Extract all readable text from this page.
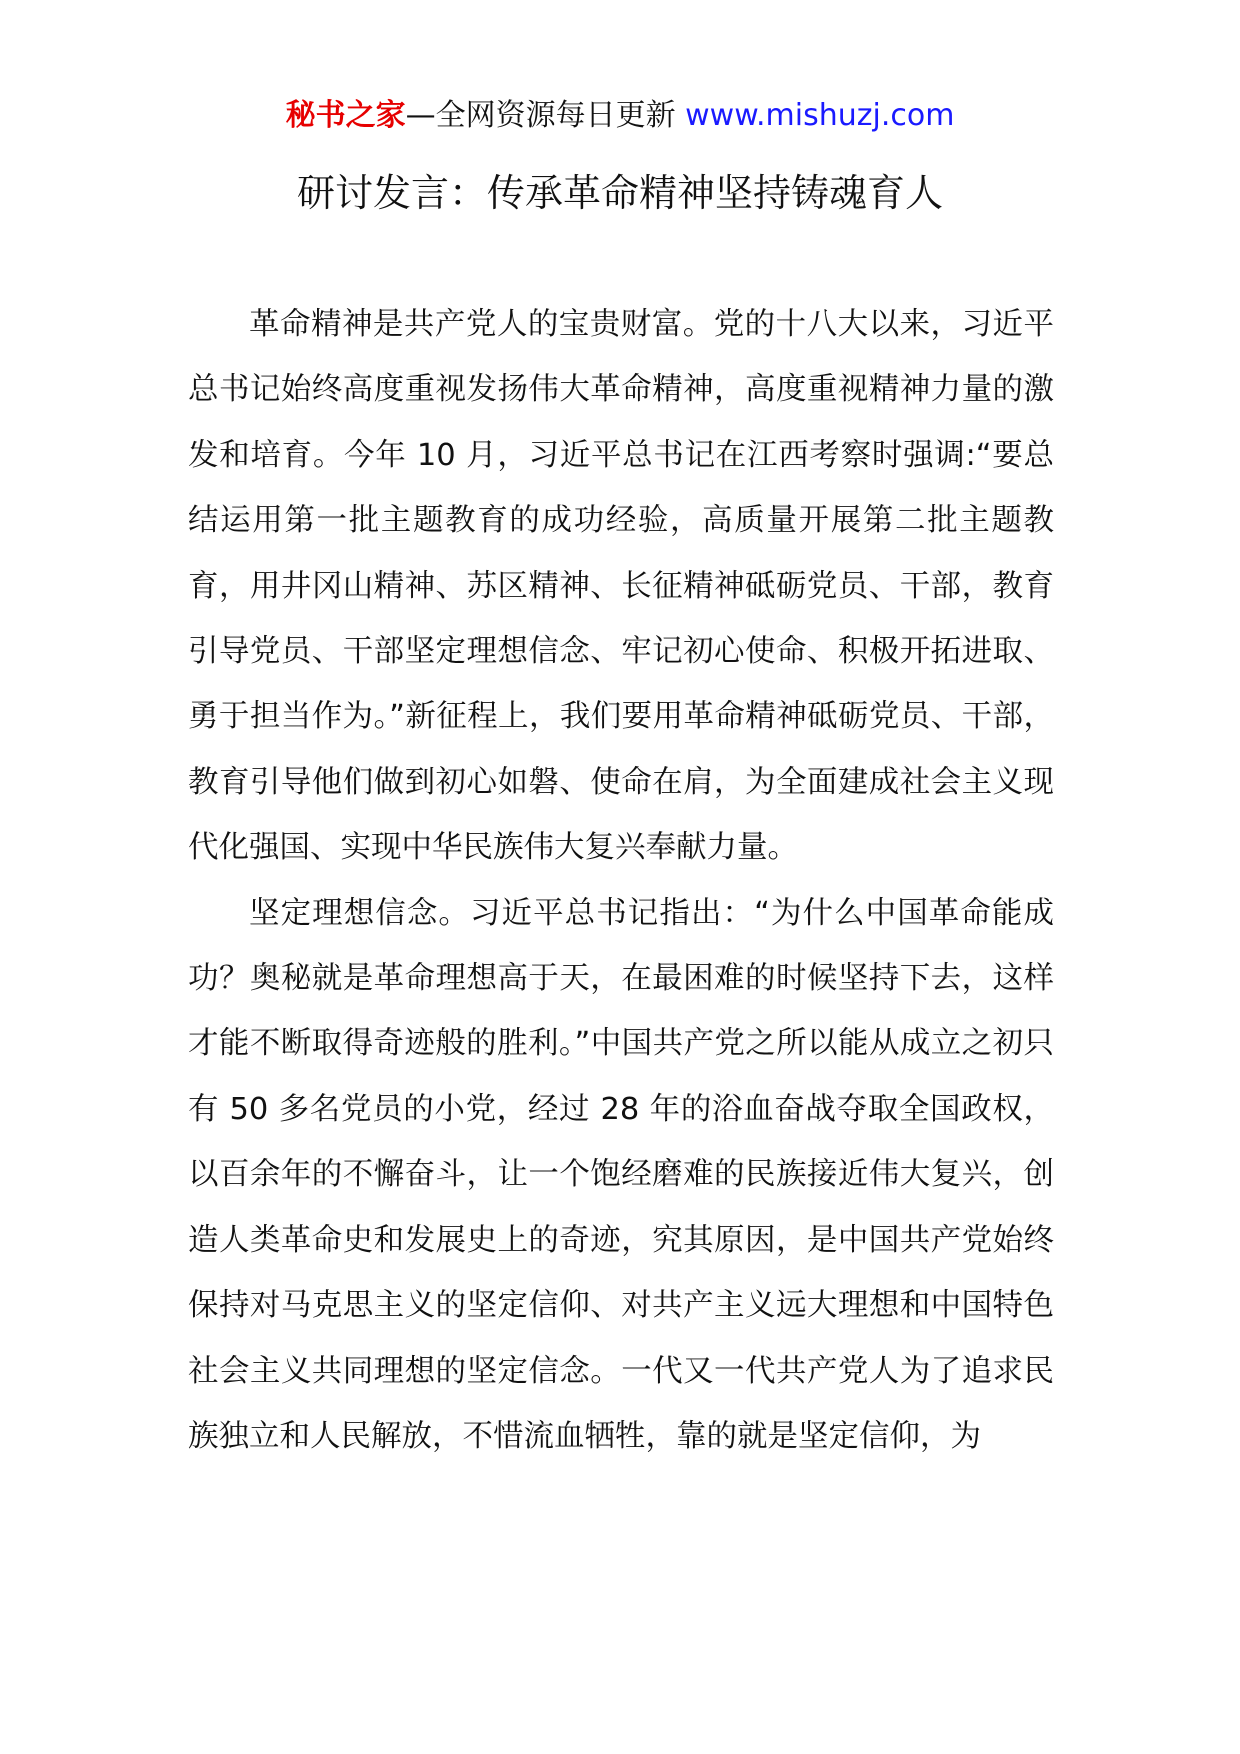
秘书之家—全网资源每日更新 www.mishuzj.com
研讨发言：传承革命精神坚持铸魂育人

革命精神是共产党人的宝贵财富。党的十八大以来，习近平总书记始终高度重视发扬伟大革命精神，高度重视精神力量的激发和培育。今年 10 月，习近平总书记在江西考察时强调:“要总结运用第一批主题教育的成功经验，高质量开展第二批主题教育，用井冈山精神、苏区精神、长征精神砥砺党员、干部，教育引导党员、干部坚定理想信念、牢记初心使命、积极开拓进取、勇于担当作为。”新征程上，我们要用革命精神砥砺党员、干部，教育引导他们做到初心如磐、使命在肩，为全面建成社会主义现代化强国、实现中华民族伟大复兴奉献力量。

坚定理想信念。习近平总书记指出：“为什么中国革命能成功？奥秘就是革命理想高于天，在最困难的时候坚持下去，这样才能不断取得奇迹般的胜利。”中国共产党之所以能从成立之初只有 50 多名党员的小党，经过 28 年的浴血奋战夺取全国政权，以百余年的不懈奋斗，让一个饱经磨难的民族接近伟大复兴，创造人类革命史和发展史上的奇迹，究其原因，是中国共产党始终保持对马克思主义的坚定信仰、对共产主义远大理想和中国特色社会主义共同理想的坚定信念。一代又一代共产党人为了追求民族独立和人民解放，不惜流血牺牲，靠的就是坚定信仰，为
